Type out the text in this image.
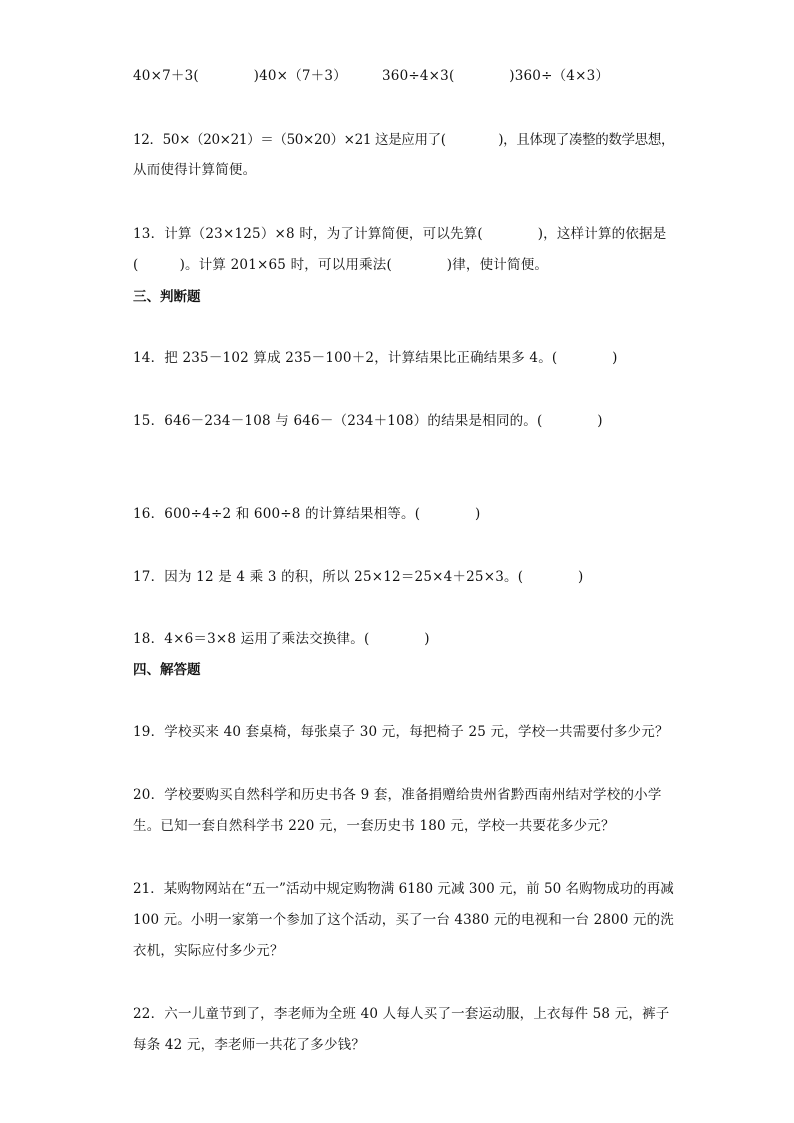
40×7＋3(　　　　)40×（7＋3）	360÷4×3(　　　　)360÷（4×3）
12．50×（20×21）＝（50×20）×21 这是应用了(　　　　)，且体现了凑整的数学思想，
从而使得计算简便。
13．计算（23×125）×8 时，为了计算简便，可以先算(　　　　)，这样计算的依据是
(　　　)。计算 201×65 时，可以用乘法(　　　　)律，使计简便。
三、判断题
14．把 235－102 算成 235－100＋2，计算结果比正确结果多 4。(　　　　)
15．646－234－108 与 646－（234＋108）的结果是相同的。(　　　　)
16．600÷4÷2 和 600÷8 的计算结果相等。(　　　　)
17．因为 12 是 4 乘 3 的积，所以 25×12＝25×4＋25×3。(　　　　)
18．4×6＝3×8 运用了乘法交换律。(　　　　)
四、解答题
19．学校买来 40 套桌椅，每张桌子 30 元，每把椅子 25 元，学校一共需要付多少元？
20．学校要购买自然科学和历史书各 9 套，准备捐赠给贵州省黔西南州结对学校的小学
生。已知一套自然科学书 220 元，一套历史书 180 元，学校一共要花多少元？
21．某购物网站在“五一”活动中规定购物满 6180 元减 300 元，前 50 名购物成功的再减
100 元。小明一家第一个参加了这个活动，买了一台 4380 元的电视和一台 2800 元的洗
衣机，实际应付多少元？
22．六一儿童节到了，李老师为全班 40 人每人买了一套运动服，上衣每件 58 元，裤子
每条 42 元，李老师一共花了多少钱？
